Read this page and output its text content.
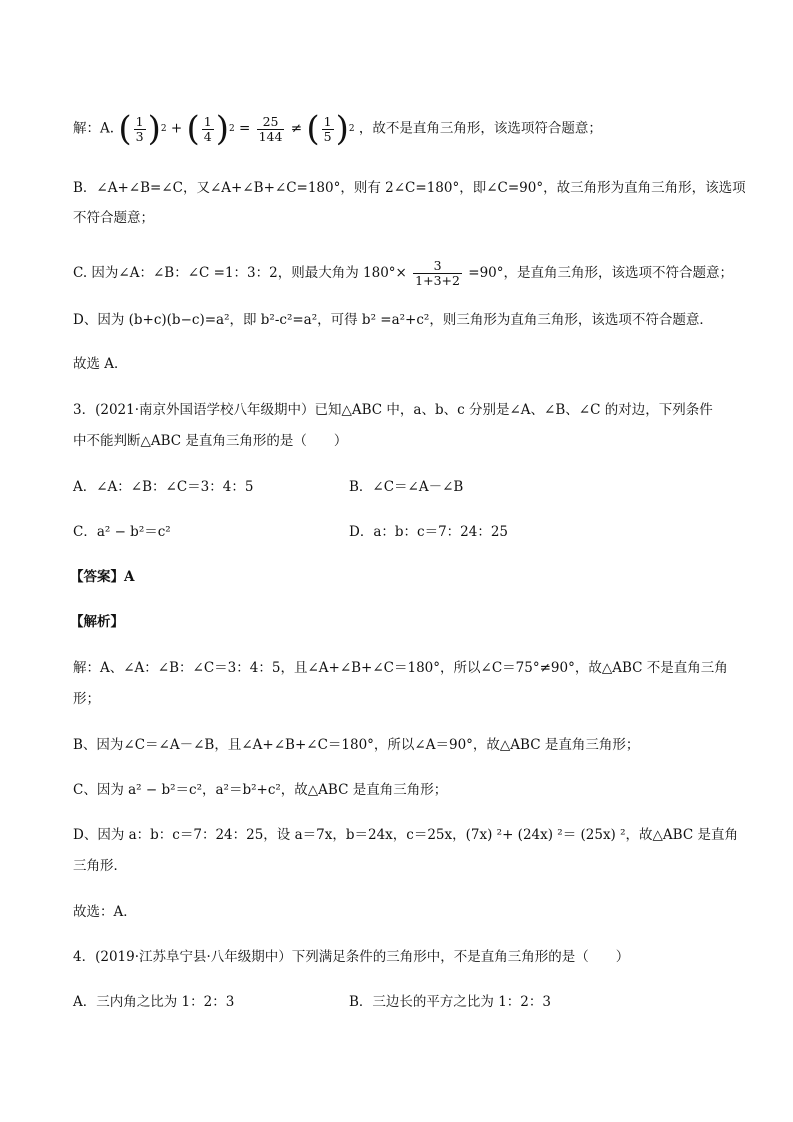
解：A. ( $\frac{1}{3}$ ) 2 + ( $\frac{1}{4}$ ) $2 = \frac{25}{144}$ ≠ ( $\frac{1}{5}$ ) 2 ，故不是直角三角形，该选项符合题意；
B．∠A+∠B=∠C，又∠A+∠B+∠C=180°，则有 2∠C=180°，即∠C=90°，故三角形为直角三角形，该选项
不符合题意；
C. 因为∠A：∠B：∠C =1：3：2，则最大角为 $180^\circ\times \frac{3}{1+3+2} =90^\circ$，是直角三角形，该选项不符合题意；
D、因为 (b+c)(b−c)=a²，即 b²-c²=a²，可得 b² =a²+c²，则三角形为直角三角形，该选项不符合题意．
故选 A．
3．(2021·南京外国语学校八年级期中）已知△ABC 中，a、b、c 分别是∠A、∠B、∠C 的对边，下列条件
中不能判断△ABC 是直角三角形的是（　　）
A．∠A：∠B：∠C＝3：4：5	B．∠C＝∠A－∠B
C．a² − b²＝c²	D．a：b：c＝7：24：25
【答案】A
【解析】
解：A、∠A：∠B：∠C＝3：4：5，且∠A+∠B+∠C＝180°，所以∠C＝75°≠90°，故△ABC 不是直角三角
形；
B、因为∠C＝∠A－∠B，且∠A+∠B+∠C＝180°，所以∠A＝90°，故△ABC 是直角三角形；
C、因为 a² − b²＝c²，a²＝b²+c²，故△ABC 是直角三角形；
D、因为 a：b：c＝7：24：25，设 a＝7x，b＝24x，c＝25x，(7x) ²+ (24x) ²＝ (25x) ²，故△ABC 是直角
三角形．
故选：A．
4．(2019·江苏阜宁县·八年级期中）下列满足条件的三角形中，不是直角三角形的是（　　）
A．三内角之比为 1：2：3	B．三边长的平方之比为 1：2：3
